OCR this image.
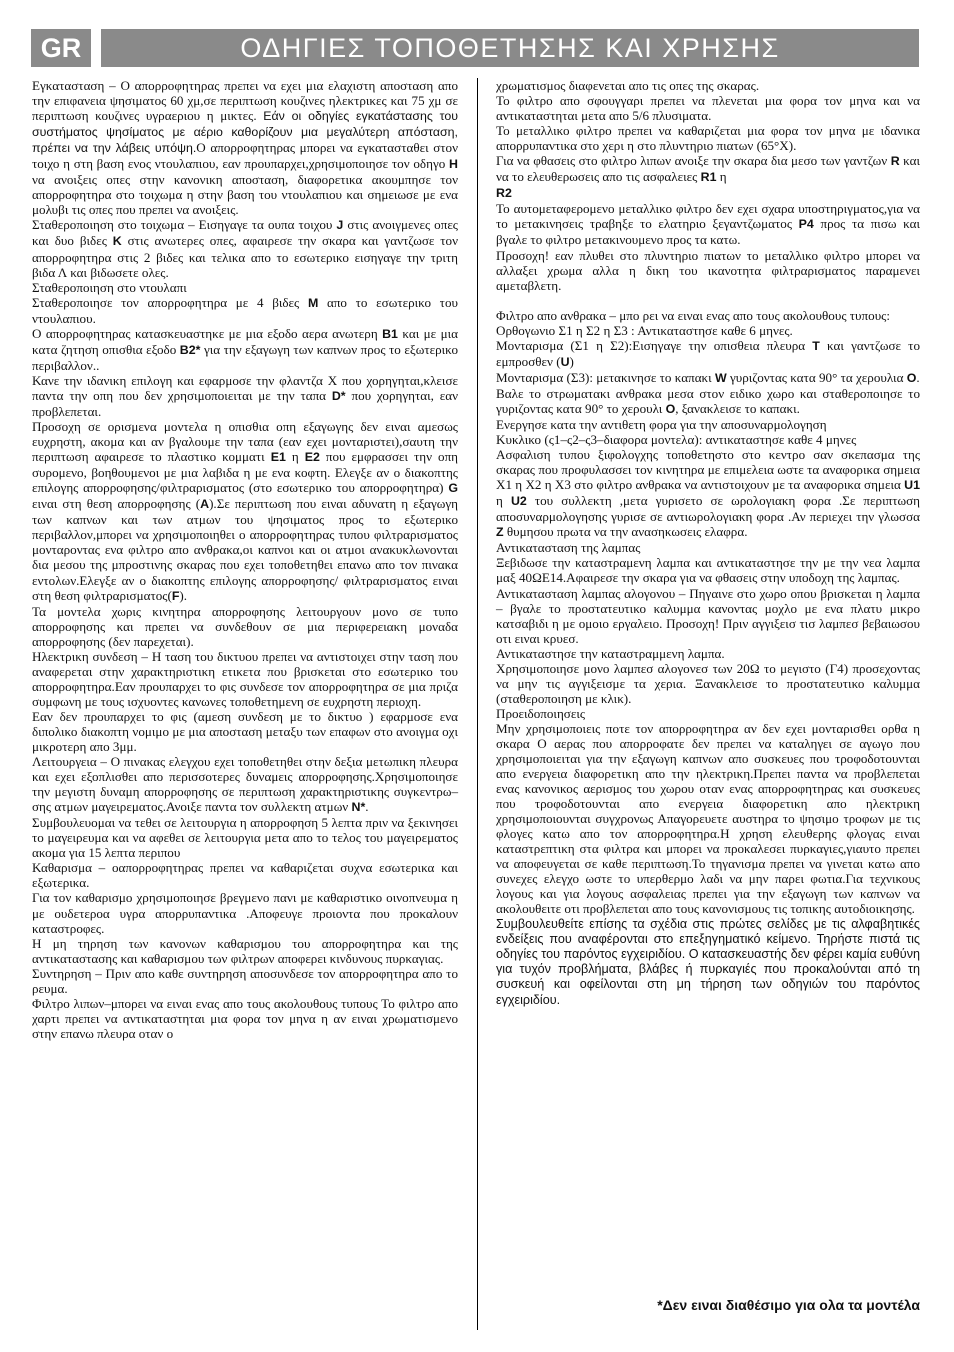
GR	ΟΔΗΓΙΕΣ ΤΟΠΟΘΕΤΗΣΗΣ ΚΑΙ ΧΡΗΣΗΣ

Εγκατασταση – Ο απορροφητηρας πρεπει να εχει μια ελαχιστη αποσταση απο την επιφανεια ψησιματος 60 χμ,σε περιπτωση κουζινες ηλεκτρικες και 75 χμ σε περιπτωση κουζινες υγραεριου η μικτες. Εάν οι οδηγίες εγκατάστασης του συστήματος ψησίματος με αέριο καθορίζουν μια μεγαλύτερη απόσταση, πρέπει να την λάβεις υπόψη.Ο απορροφητηρας μπορει να εγκατασταθει στον τοιχο η στη βαση ενος ντουλαπιου, εαν προυπαρχει,χρησιμοποιησε τον οδηγο H να ανοιξεις οπες στην κανονικη αποσταση, διαφορετικα ακουμπησε τον απορροφητηρα στο τοιχωμα η στην βαση του ντουλαπιου και σημειωσε με ενα μολυβι τις οπες που πρεπει να ανοιξεις.

Σταθεροποιηση στο τοιχωμα – Εισηγαγε τα ουπα τοιχου J στις ανοιγμενες οπες και δυο βιδες K στις ανωτερες οπες, αφαιρεσε την σκαρα και γαντζωσε τον απορροφητηρα στις 2 βιδες και τελικα απο το εσωτερικο εισηγαγε την τριτη βιδα Λ και βιδωσετε ολες.

Σταθεροποιηση στο ντουλαπι

Σταθεροποιησε τον απορροφητηρα με 4 βιδες M απο το εσωτερικο του ντουλαπιου.

Ο απορροφητηρας κατασκευαστηκε με μια εξοδο αερα ανωτερη B1 και με μια κατα ζητηση οπισθια εξοδο B2* για την εξαγωγη των καπνων προς το εξωτερικο περιβαλλον..

Κανε την ιδανικη επιλογη και εφαρμοσε την φλαντζα Χ που χορηγηται,κλεισε παντα την οπη που δεν χρησιμοποιειται με την ταπα D* που χορηγηται, εαν προβλεπεται.

Προσοχη σε ορισμενα μοντελα η οπισθια οπη εξαγωγης δεν ειναι αμεσως ευχρηστη, ακομα και αν βγαλουμε την ταπα (εαν εχει μονταριστει),σαυτη την περιπτωση αφαιρεσε το πλαστικο κομματι E1 η E2 που εμφρασσει την οπη συρομενο, βοηθουμενοι με μια λαβιδα η με ενα κοφτη. Ελεγξε αν ο διακοπτης επιλογης απορροφησης/φιλτραρισματος (στο εσωτερικο του απορροφητηρα) G ειναι στη θεση απορροφησης (A).Σε περιπτωση που ειναι αδυνατη η εξαγωγη των καπνων και των ατμων του ψησιματος προς το εξωτερικο περιβαλλον,μπορει να χρησιμοποιηθει ο απορροφητηρας τυπου φιλτραρισματος μονταροντας ενα φιλτρο απο ανθρακα,οι καπνοι και οι ατμοι ανακυκλωνονται δια μεσου της μπροστινης σκαρας που εχει τοποθετηθει επανω απο τον πινακα εντολων.Ελεγξε αν ο διακοπτης επιλογης απορροφησης/ φιλτραρισματος ειναι στη θεση φιλτραρισματος(F).

Τα μοντελα χωρις κινητηρα απορροφησης λειτουργουν μονο σε τυπο απορροφησης και πρεπει να συνδεθουν σε μια περιφερειακη μοναδα απορροφησης (δεν παρεχεται).

Ηλεκτρικη συνδεση – Η ταση του δικτυου πρεπει να αντιστοιχει στην ταση που αναφερεται στην χαρακτηριστικη ετικετα που βρισκεται στο εσωτερικο του απορροφητηρα.Εαν προυπαρχει το φις συνδεσε τον απορροφητηρα σε μια πριζα συμφωνη με τους ισχυοντες κανωνες τοποθετημενη σε ευχρηστη περιοχη.

Εαν δεν προυπαρχει το φις (αμεση συνδεση με το δικτυο ) εφαρμοσε ενα διπολικο διακοπτη νομιμο με μια αποσταση μεταξυ των επαφων στο ανοιγμα οχι μικροτερη απο 3μμ.

Λειτουργεια – Ο πινακας ελεγχου εχει τοποθετηθει στην δεξια μετωπικη πλευρα και εχει εξοπλισθει απο περισσοτερες δυναμεις απορροφησης.Χρησιμοποιησε την μεγιστη δυναμη απορροφησης σε περιπτωση χαρακτηριστικης συγκεντρω– σης ατμων μαγειρεματος.Ανοιξε παντα τον συλλεκτη ατμων N*.

Συμβουλευομαι να τεθει σε λειτουργια η απορροφηση 5 λεπτα πριν να ξεκινησει το μαγειρευμα και να αφεθει σε λειτουργια μετα απο το τελος του μαγειρεματος ακομα για 15 λεπτα περιπου

Καθαρισμα – οαπορροφητηρας πρεπει να καθαριζεται συχνα εσωτερικα και εξωτερικα.

Για τον καθαρισμο χρησιμοποιησε βρεγμενο πανι με καθαριστικο οινοπνευμα η με ουδετεροα υγρα απορρυπαντικα .Αποφευγε προιοντα που προκαλουν καταστροφες.

Η μη τηρηση των κανονων καθαρισμου του απορροφητηρα και της αντικαταστασης και καθαρισμου των φιλτρων αποφερει κινδυνους πυρκαγιας.

Συντηρηση – Πριν απο καθε συντηρηση αποσυνδεσε τον απορροφητηρα απο το ρευμα.

Φιλτρο λιπων–μπορει να ειναι ενας απο τους ακολουθους τυπους Το φιλτρο απο χαρτι πρεπει να αντικαταστηται μια φορα τον μηνα η αν ειναι χρωματισμενο στην επανω πλευρα οταν ο

χρωματισμος διαφενεται απο τις οπες της σκαρας.

Το φιλτρο απο σφουγγαρι πρεπει να πλενεται μια φορα τον μηνα και να αντικαταστηται μετα απο 5/6 πλυσιματα.

Το μεταλλικο φιλτρο πρεπει να καθαριζεται μια φορα τον μηνα με ιδανικα απορρυπαντικα στο χερι η στο πλυντηριο πιατων (65°Χ).

Για να φθασεις στο φιλτρο λιπων ανοιξε την σκαρα δια μεσο των γαντζων R και να το ελευθερωσεις απο τις ασφαλειες R1 η
R2

Το αυτομεταφερομενο μεταλλικο φιλτρο δεν εχει σχαρα υποστηριγματος,για να το μετακινησεις τραβηξε το ελατηριο ξεγαντζωματος P4 προς τα πισω και βγαλε το φιλτρο μετακινουμενο προς τα κατω.

Προσοχη! εαν πλυθει στο πλυντηριο πιατων το μεταλλικο φιλτρο μπορει να αλλαξει χρωμα αλλα η δικη του ικανοτητα φιλτραρισματος παραμενει αμεταβλετη.

Φιλτρο απο ανθρακα – μπο ρει να ειναι ενας απο τους ακολουθους τυπους:

Ορθογωνιο Σ1 η Σ2 η Σ3 : Αντικαταστησε καθε 6 μηνες.

Μονταρισμα (Σ1 η Σ2):Εισηγαγε την οπισθεια πλευρα T και γαντζωσε το εμπροσθεν (U)

Μονταρισμα (Σ3): μετακινησε το καπακι W γυριζοντας κατα 90° τα χερουλια O.

Βαλε το στρωματακι ανθρακα μεσα στον ειδικο χωρο και σταθεροποιησε το γυριζοντας κατα 90° το χερουλι O, ξανακλεισε το καπακι.

Ενεργησε κατα την αντιθετη φορα για την αποσυναρμολογηση

Κυκλικο (ς1–ς2–ς3–διαφορα μοντελα): αντικαταστησε καθε 4 μηνες

Ασφαλιση τυπου ξιφολογχης τοποθετηστο στο κεντρο σαν σκεπασμα της σκαρας που προφυλασσει τον κινητηρα με επιμελεια ωστε τα αναφορικα σημεια Χ1 η Χ2 η Χ3 στο φιλτρο ανθρακα να αντιστοιχουν με τα αναφορικα σημεια U1 η U2 του συλλεκτη ,μετα γυρισετο σε ωρολογιακη φορα .Σε περιπτωση αποσυναρμολογησης γυρισε σε αντιωρολογιακη φορα .Αν περιεχει την γλωσσα Z θυμησου πρωτα να την ανασηκωσεις ελαφρα.

Αντικατασταση της λαμπας

Ξεβιδωσε την καταστραμενη λαμπα και αντικαταστησε την με την νεα λαμπα μαξ 40ΩΕ14.Αφαιρεσε την σκαρα για να φθασεις στην υποδοχη της λαμπας.

Αντικατασταση λαμπας αλογονου – Πηγαινε στο χωρο οπου βρισκεται η λαμπα – βγαλε το προστατευτικο καλυμμα κανοντας μοχλο με ενα πλατυ μικρο κατσαβιδι η με ομοιο εργαλειο. Προσοχη! Πριν αγγιξεισ τισ λαμπεσ βεβαιωσου οτι ειναι κρυεσ.

Αντικαταστησε την καταστραμμενη λαμπα.

Χρησιμοποιησε μονο λαμπεσ αλογονεσ των 20Ω το μεγιστο (Γ4) προσεχοντας να μην τις αγγιξεισμε τα χερια. Ξανακλεισε το προστατευτικο καλυμμα (σταθεροποιηση με κλικ).

Προειδοποιησεις

Μην χρησιμοποιεις ποτε τον απορροφητηρα αν δεν εχει μονταρισθει ορθα η σκαρα Ο αερας που απορροφατε δεν πρεπει να καταληγει σε αγωγο που χρησιμοποιειται για την εξαγωγη καπνων απο συσκευες που τροφοδοτουνται απο ενεργεια διαφορετικη απο την ηλεκτρικη.Πρεπει παντα να προβλεπεται ενας κανονικος αερισμος του χωρου οταν ενας απορροφητηρας και συσκευες που τροφοδοτουνται απο ενεργεια διαφορετικη απο ηλεκτρικη χρησιμοποιουνται συγχρονως Απαγορευετε αυστηρα το ψησιμο τροφων με τις φλογες κατω απο τον απορροφητηρα.Η χρηση ελευθερης φλογας ειναι καταστρεπτικη στα φιλτρα και μπορει να προκαλεσει πυρκαγιες,γιαυτο πρεπει να αποφευγεται σε καθε περιπτωση.Το τηγανισμα πρεπει να γινεται κατω απο συνεχες ελεγχο ωστε το υπερθερμο λαδι να μην παρει φωτια.Για τεχνικους λογους και για λογους ασφαλειας πρεπει για την εξαγωγη των καπνων να ακολουθειτε οτι προβλεπεται απο τους κανονισμους τις τοπικης αυτοδιοικησης.

Συμβουλευθείτε επίσης τα σχέδια στις πρώτες σελίδες με τις αλφαβητικές ενδείξεις που αναφέρονται στο επεξηγηματικό κείμενο. Τηρήστε πιστά τις οδηγίες του παρόντος εγχειριδίου. Ο κατασκευαστής δεν φέρει καμία ευθύνη για τυχόν προβλήματα, βλάβες ή πυρκαγιές που προκαλούνται από τη συσκευή και οφείλονται στη μη τήρηση των οδηγιών του παρόντος εγχειριδίου.

*Δεν ειναι διαθέσιμο για ολα τα μοντέλα
